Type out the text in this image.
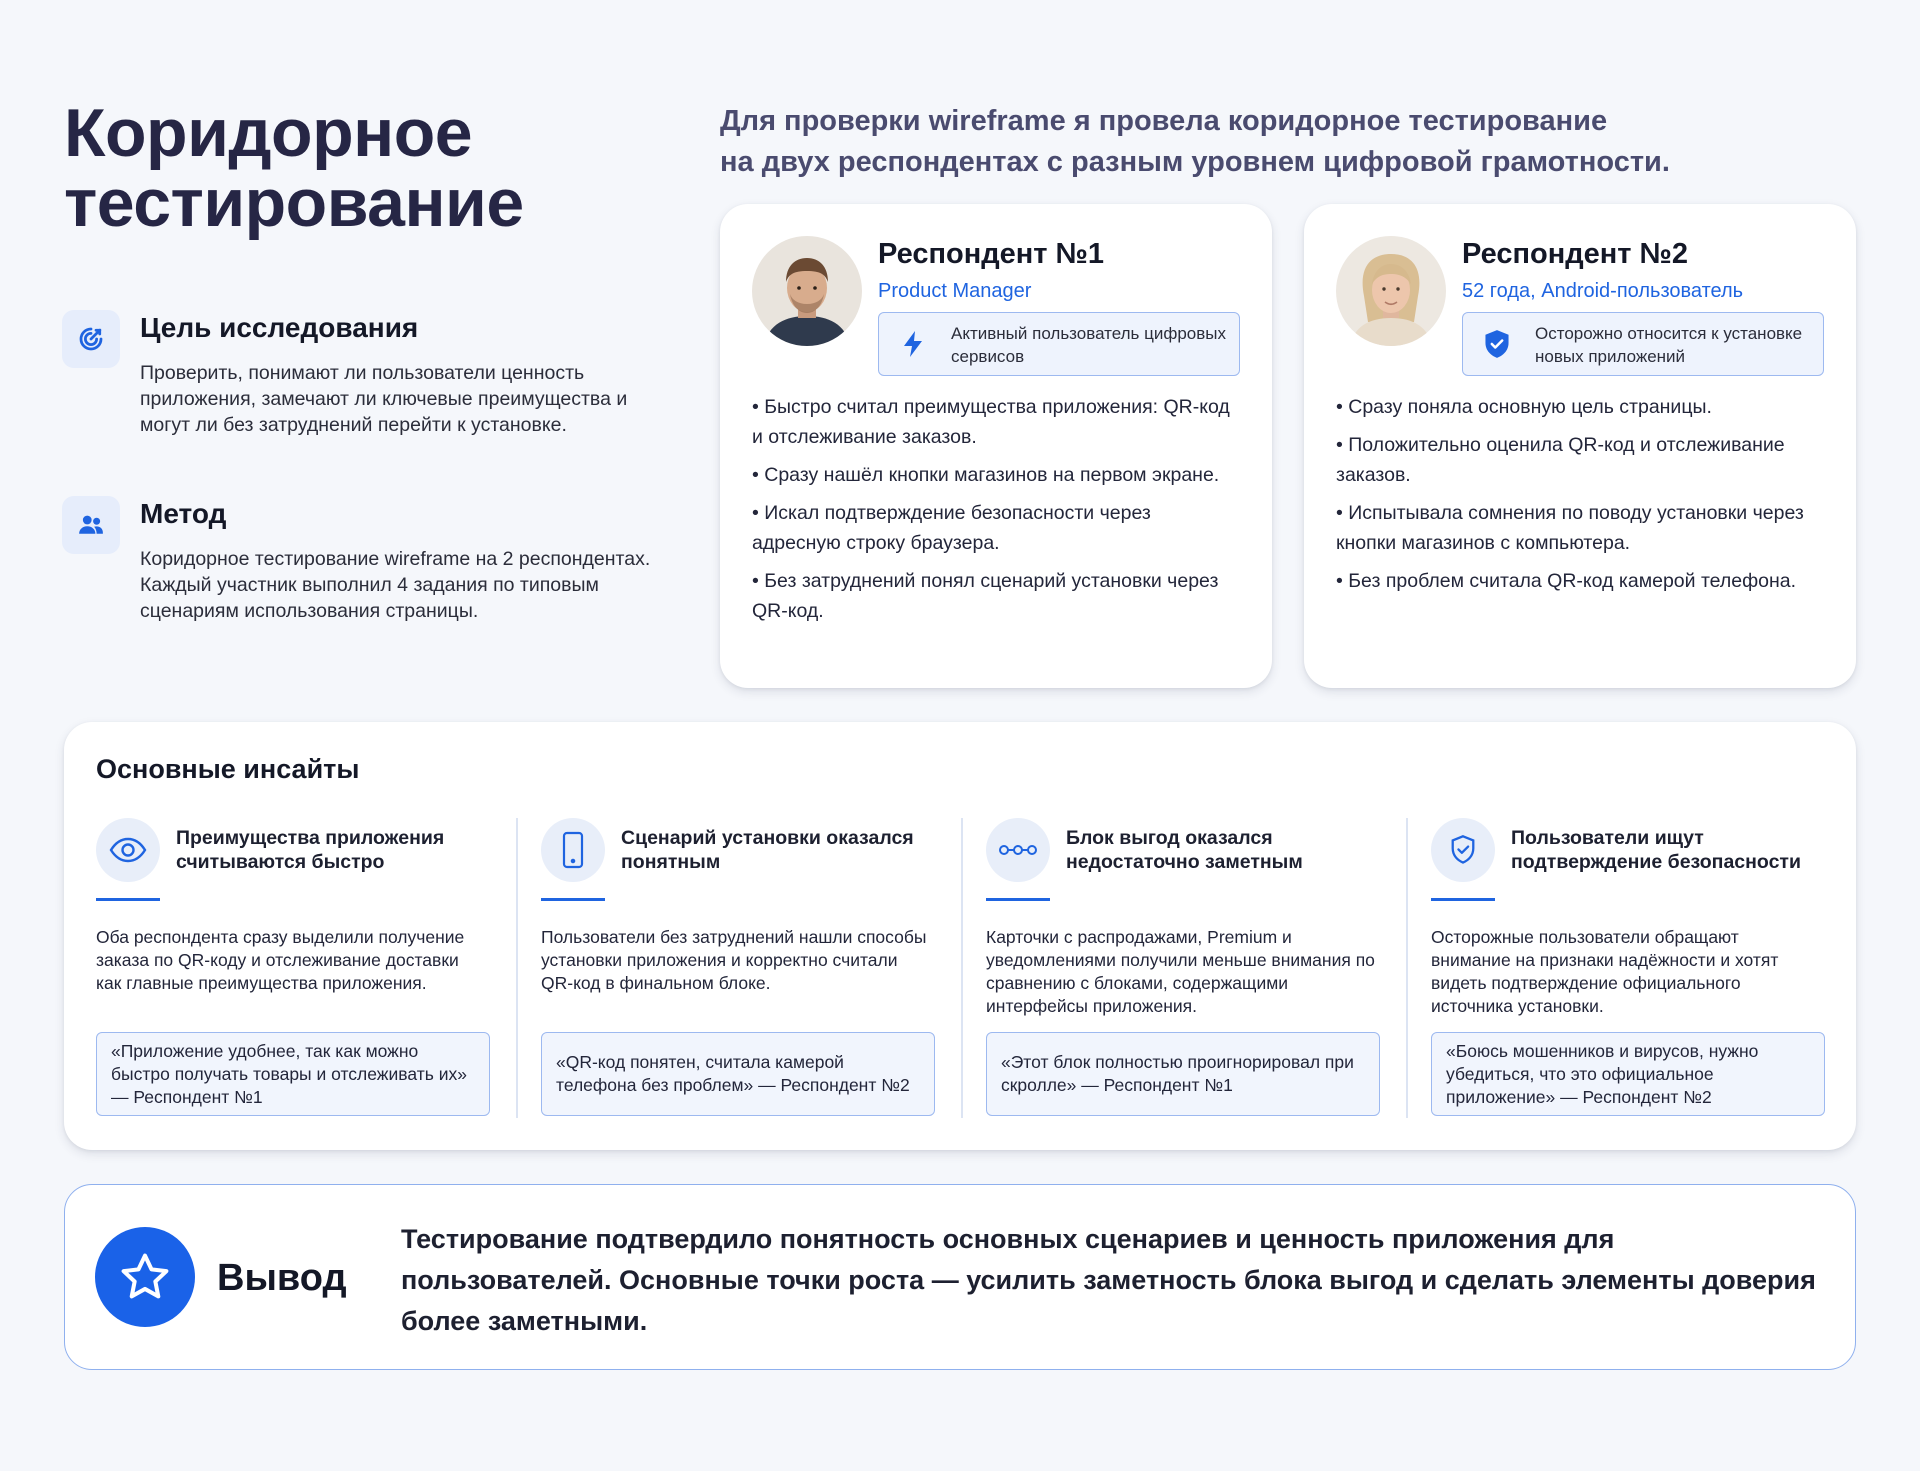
Коридорное
тестирование
Для проверки wireframe я провела коридорное тестирование
на двух респондентах с разным уровнем цифровой грамотности.
Цель исследования
Проверить, понимают ли пользователи ценность приложения, замечают ли ключевые преимущества и могут ли без затруднений перейти к установке.
Метод
Коридорное тестирование wireframe на 2 респондентах. Каждый участник выполнил 4 задания по типовым сценариям использования страницы.
Респондент №1
Product Manager
Активный пользователь цифровых сервисов
• Быстро считал преимущества приложения: QR-код и отслеживание заказов.
• Сразу нашёл кнопки магазинов на первом экране.
• Искал подтверждение безопасности через адресную строку браузера.
• Без затруднений понял сценарий установки через QR-код.
Респондент №2
52 года, Android-пользователь
Осторожно относится к установке новых приложений
• Сразу поняла основную цель страницы.
• Положительно оценила QR-код и отслеживание заказов.
• Испытывала сомнения по поводу установки через кнопки магазинов с компьютера.
• Без проблем считала QR-код камерой телефона.
Основные инсайты
Преимущества приложения считываются быстро
Оба респондента сразу выделили получение заказа по QR-коду и отслеживание доставки как главные преимущества приложения.
«Приложение удобнее, так как можно быстро получать товары и отслеживать их» — Респондент №1
Сценарий установки оказался понятным
Пользователи без затруднений нашли способы установки приложения и корректно считали QR-код в финальном блоке.
«QR-код понятен, считала камерой телефона без проблем» — Респондент №2
Блок выгод оказался недостаточно заметным
Карточки с распродажами, Premium и уведомлениями получили меньше внимания по сравнению с блоками, содержащими интерфейсы приложения.
«Этот блок полностью проигнорировал при скролле» — Респондент №1
Пользователи ищут подтверждение безопасности
Осторожные пользователи обращают внимание на признаки надёжности и хотят видеть подтверждение официального источника установки.
«Боюсь мошенников и вирусов, нужно убедиться, что это официальное приложение» — Респондент №2
Вывод
Тестирование подтвердило понятность основных сценариев и ценность приложения для пользователей. Основные точки роста — усилить заметность блока выгод и сделать элементы доверия более заметными.
